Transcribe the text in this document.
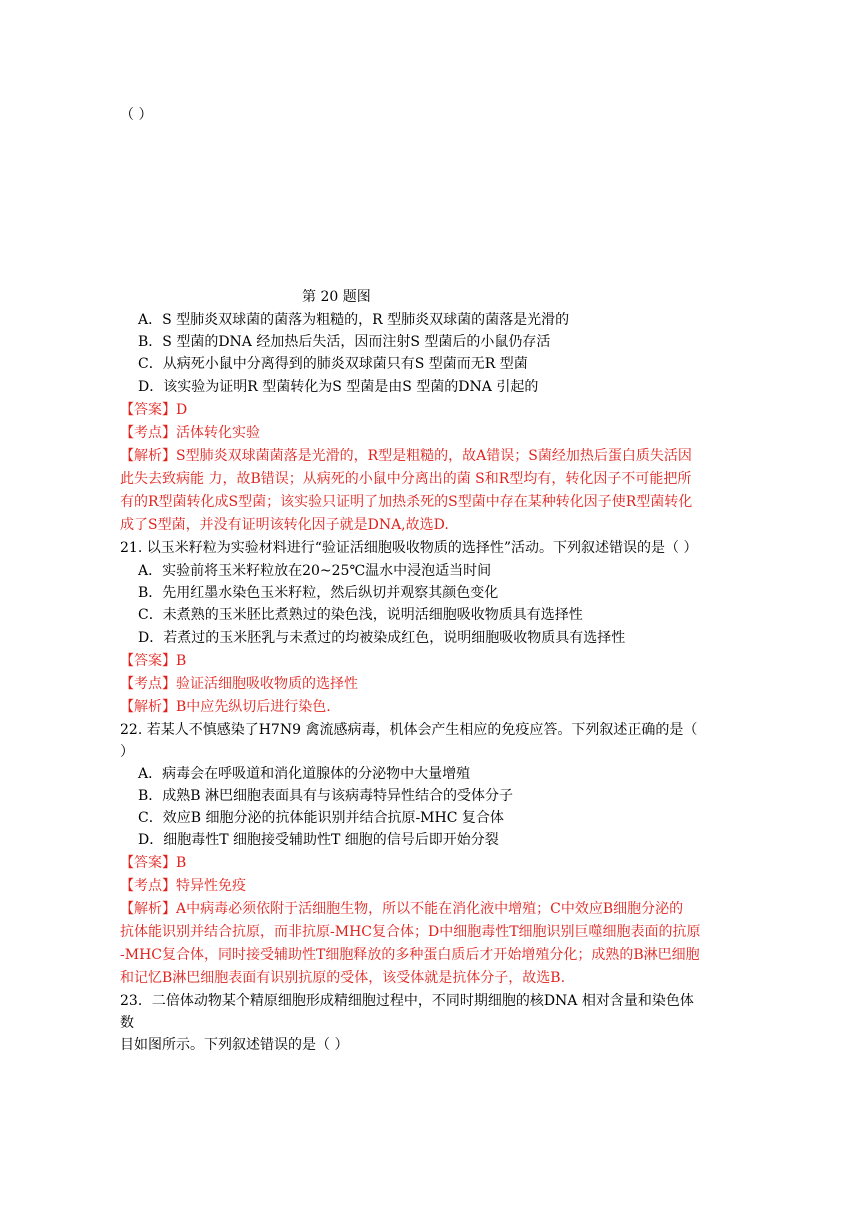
（ ）
第 20 题图
A．S 型肺炎双球菌的菌落为粗糙的，R 型肺炎双球菌的菌落是光滑的
B．S 型菌的DNA 经加热后失活，因而注射S 型菌后的小鼠仍存活
C．从病死小鼠中分离得到的肺炎双球菌只有S 型菌而无R 型菌
D．该实验为证明R 型菌转化为S 型菌是由S 型菌的DNA 引起的
【答案】D
【考点】活体转化实验
【解析】S型肺炎双球菌菌落是光滑的，R型是粗糙的，故A错误；S菌经加热后蛋白质失活因
此失去致病能 力，故B错误；从病死的小鼠中分离出的菌 S和R型均有，转化因子不可能把所
有的R型菌转化成S型菌；该实验只证明了加热杀死的S型菌中存在某种转化因子使R型菌转化
成了S型菌，并没有证明该转化因子就是DNA,故选D.
21. 以玉米籽粒为实验材料进行“验证活细胞吸收物质的选择性”活动。下列叙述错误的是（ ）
A．实验前将玉米籽粒放在20~25℃温水中浸泡适当时间
B．先用红墨水染色玉米籽粒，然后纵切并观察其颜色变化
C．未煮熟的玉米胚比煮熟过的染色浅，说明活细胞吸收物质具有选择性
D．若煮过的玉米胚乳与未煮过的均被染成红色，说明细胞吸收物质具有选择性
【答案】B
【考点】验证活细胞吸收物质的选择性
【解析】B中应先纵切后进行染色.
22. 若某人不慎感染了H7N9 禽流感病毒，机体会产生相应的免疫应答。下列叙述正确的是（
）
A．病毒会在呼吸道和消化道腺体的分泌物中大量增殖
B．成熟B 淋巴细胞表面具有与该病毒特异性结合的受体分子
C．效应B 细胞分泌的抗体能识别并结合抗原-MHC 复合体
D．细胞毒性T 细胞接受辅助性T 细胞的信号后即开始分裂
【答案】B
【考点】特异性免疫
【解析】A中病毒必须依附于活细胞生物，所以不能在消化液中增殖；C中效应B细胞分泌的
抗体能识别并结合抗原，而非抗原-MHC复合体；D中细胞毒性T细胞识别巨噬细胞表面的抗原
-MHC复合体，同时接受辅助性T细胞释放的多种蛋白质后才开始增殖分化；成熟的B淋巴细胞
和记忆B淋巴细胞表面有识别抗原的受体，该受体就是抗体分子，故选B.
23．二倍体动物某个精原细胞形成精细胞过程中，不同时期细胞的核DNA 相对含量和染色体
数
目如图所示。下列叙述错误的是（ ）
